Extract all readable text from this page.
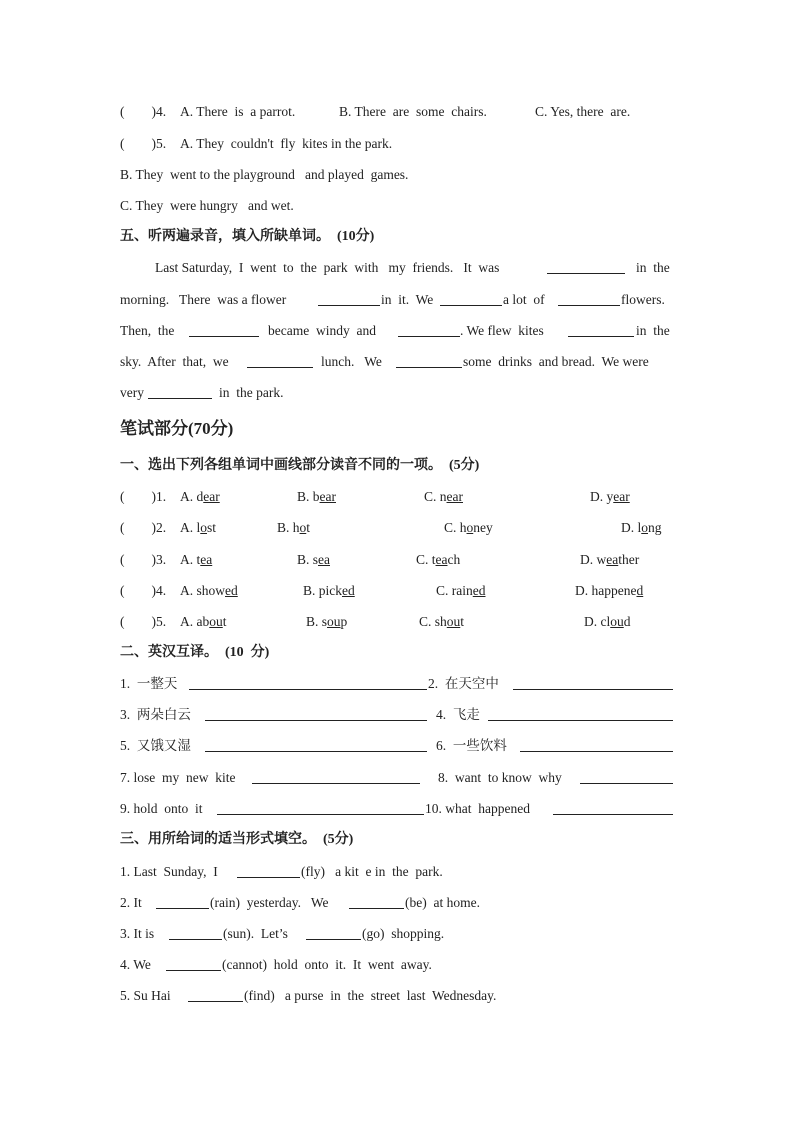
(        )4. A. There  is  a parrot.	B. There  are  some  chairs.	C. Yes, there  are.
(        )5. A. They  couldn't  fly  kites in the park.
B. They  went to the playground   and played  games.
C. They  were hungry   and wet.
五、听两遍录音，填入所缺单词。  (10分)
Last Saturday,  I  went  to  the  park  with   my  friends.   It  was	in  the
morning.   There  was a flower	in  it.  We	a lot  of	flowers.
Then,  the	became  windy  and	. We flew  kites	in  the
sky.  After  that,  we	lunch.   We	some  drinks  and bread.  We were
very	in  the park.
笔试部分(70分)
一、选出下列各组单词中画线部分读音不同的一项。  (5分)
(        )1. A. dear	B. bear	C. near	D. year
(        )2. A. lost	B. hot	C. honey	D. long
(        )3. A. tea	B. sea	C. teach	D. weather
(        )4. A. showed	B. picked	C. rained	D. happened
(        )5. A. about	B. soup	C. shout	D. cloud
二、英汉互译。  (10  分)
1.  一整天	2.  在天空中
3.  两朵白云	4.  飞走
5.  又饿又湿	6.  一些饮料
7. lose  my  new  kite	8.  want  to know  why
9. hold  onto  it	10. what  happened
三、用所给词的适当形式填空。  (5分)
1. Last  Sunday,  I	(fly)   a kit  e in  the  park.
2. It	(rain)  yesterday.   We	(be)  at home.
3. It is	(sun).  Let’s	(go)  shopping.
4. We	(cannot)  hold  onto  it.  It  went  away.
5. Su Hai	(find)   a purse  in  the  street  last  Wednesday.
